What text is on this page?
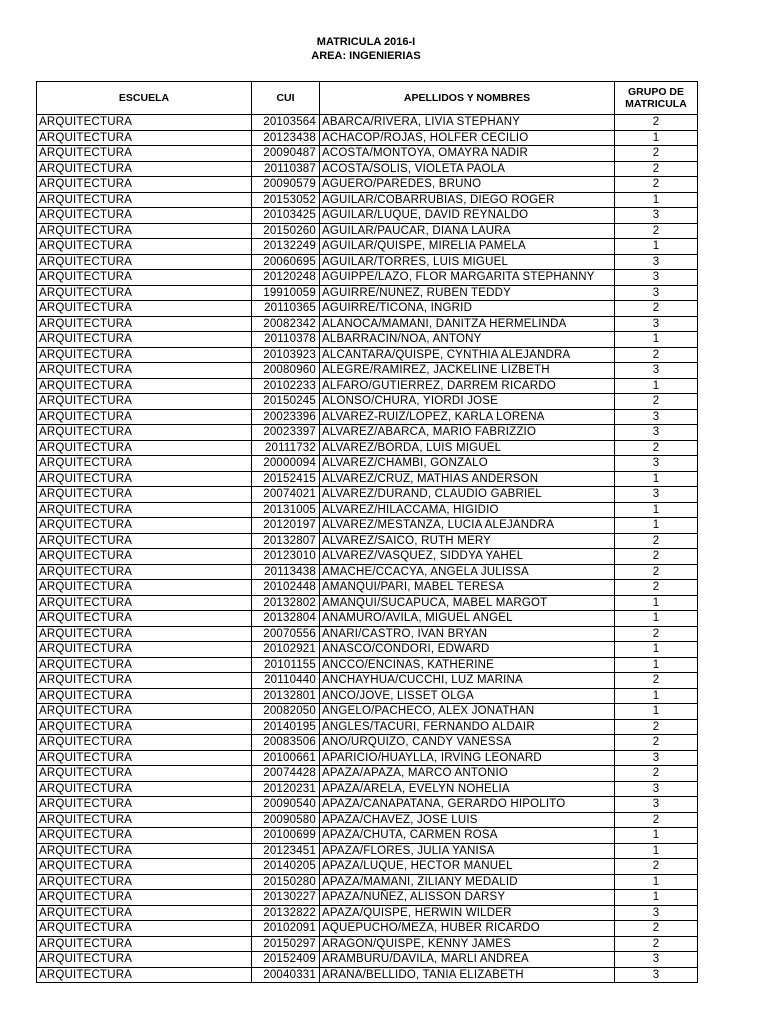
MATRICULA 2016-I
AREA: INGENIERIAS
ESCUELA	CUI	APELLIDOS Y NOMBRES	GRUPO DE MATRICULA
ARQUITECTURA	20103564	ABARCA/RIVERA, LIVIA STEPHANY	2
ARQUITECTURA	20123438	ACHACOP/ROJAS, HOLFER CECILIO	1
ARQUITECTURA	20090487	ACOSTA/MONTOYA, OMAYRA NADIR	2
ARQUITECTURA	20110387	ACOSTA/SOLIS, VIOLETA PAOLA	2
ARQUITECTURA	20090579	AGUERO/PAREDES, BRUNO	2
ARQUITECTURA	20153052	AGUILAR/COBARRUBIAS, DIEGO ROGER	1
ARQUITECTURA	20103425	AGUILAR/LUQUE, DAVID REYNALDO	3
ARQUITECTURA	20150260	AGUILAR/PAUCAR, DIANA LAURA	2
ARQUITECTURA	20132249	AGUILAR/QUISPE, MIRELIA PAMELA	1
ARQUITECTURA	20060695	AGUILAR/TORRES, LUIS MIGUEL	3
ARQUITECTURA	20120248	AGUIPPE/LAZO, FLOR MARGARITA STEPHANNY	3
ARQUITECTURA	19910059	AGUIRRE/NUNEZ, RUBEN TEDDY	3
ARQUITECTURA	20110365	AGUIRRE/TICONA, INGRID	2
ARQUITECTURA	20082342	ALANOCA/MAMANI, DANITZA HERMELINDA	3
ARQUITECTURA	20110378	ALBARRACIN/NOA, ANTONY	1
ARQUITECTURA	20103923	ALCANTARA/QUISPE, CYNTHIA ALEJANDRA	2
ARQUITECTURA	20080960	ALEGRE/RAMIREZ, JACKELINE LIZBETH	3
ARQUITECTURA	20102233	ALFARO/GUTIERREZ, DARREM RICARDO	1
ARQUITECTURA	20150245	ALONSO/CHURA, YIORDI JOSE	2
ARQUITECTURA	20023396	ALVAREZ-RUIZ/LOPEZ, KARLA LORENA	3
ARQUITECTURA	20023397	ALVAREZ/ABARCA, MARIO FABRIZZIO	3
ARQUITECTURA	20111732	ALVAREZ/BORDA, LUIS MIGUEL	2
ARQUITECTURA	20000094	ALVAREZ/CHAMBI, GONZALO	3
ARQUITECTURA	20152415	ALVAREZ/CRUZ, MATHIAS ANDERSON	1
ARQUITECTURA	20074021	ALVAREZ/DURAND, CLAUDIO GABRIEL	3
ARQUITECTURA	20131005	ALVAREZ/HILACCAMA, HIGIDIO	1
ARQUITECTURA	20120197	ALVAREZ/MESTANZA, LUCIA ALEJANDRA	1
ARQUITECTURA	20132807	ALVAREZ/SAICO, RUTH MERY	2
ARQUITECTURA	20123010	ALVAREZ/VASQUEZ, SIDDYA YAHEL	2
ARQUITECTURA	20113438	AMACHE/CCACYA, ANGELA JULISSA	2
ARQUITECTURA	20102448	AMANQUI/PARI, MABEL TERESA	2
ARQUITECTURA	20132802	AMANQUI/SUCAPUCA, MABEL MARGOT	1
ARQUITECTURA	20132804	ANAMURO/AVILA, MIGUEL ANGEL	1
ARQUITECTURA	20070556	ANARI/CASTRO, IVAN BRYAN	2
ARQUITECTURA	20102921	ANASCO/CONDORI, EDWARD	1
ARQUITECTURA	20101155	ANCCO/ENCINAS, KATHERINE	1
ARQUITECTURA	20110440	ANCHAYHUA/CUCCHI, LUZ MARINA	2
ARQUITECTURA	20132801	ANCO/JOVE, LISSET OLGA	1
ARQUITECTURA	20082050	ANGELO/PACHECO, ALEX JONATHAN	1
ARQUITECTURA	20140195	ANGLES/TACURI, FERNANDO ALDAIR	2
ARQUITECTURA	20083506	ANO/URQUIZO, CANDY VANESSA	2
ARQUITECTURA	20100661	APARICIO/HUAYLLA, IRVING LEONARD	3
ARQUITECTURA	20074428	APAZA/APAZA, MARCO ANTONIO	2
ARQUITECTURA	20120231	APAZA/ARELA, EVELYN NOHELIA	3
ARQUITECTURA	20090540	APAZA/CANAPATANA, GERARDO HIPOLITO	3
ARQUITECTURA	20090580	APAZA/CHAVEZ, JOSE LUIS	2
ARQUITECTURA	20100699	APAZA/CHUTA, CARMEN ROSA	1
ARQUITECTURA	20123451	APAZA/FLORES, JULIA YANISA	1
ARQUITECTURA	20140205	APAZA/LUQUE, HECTOR MANUEL	2
ARQUITECTURA	20150280	APAZA/MAMANI, ZILIANY MEDALID	1
ARQUITECTURA	20130227	APAZA/NUÑEZ, ALISSON DARSY	1
ARQUITECTURA	20132822	APAZA/QUISPE, HERWIN WILDER	3
ARQUITECTURA	20102091	AQUEPUCHO/MEZA, HUBER RICARDO	2
ARQUITECTURA	20150297	ARAGON/QUISPE, KENNY JAMES	2
ARQUITECTURA	20152409	ARAMBURU/DAVILA, MARLI ANDREA	3
ARQUITECTURA	20040331	ARANA/BELLIDO, TANIA ELIZABETH	3
